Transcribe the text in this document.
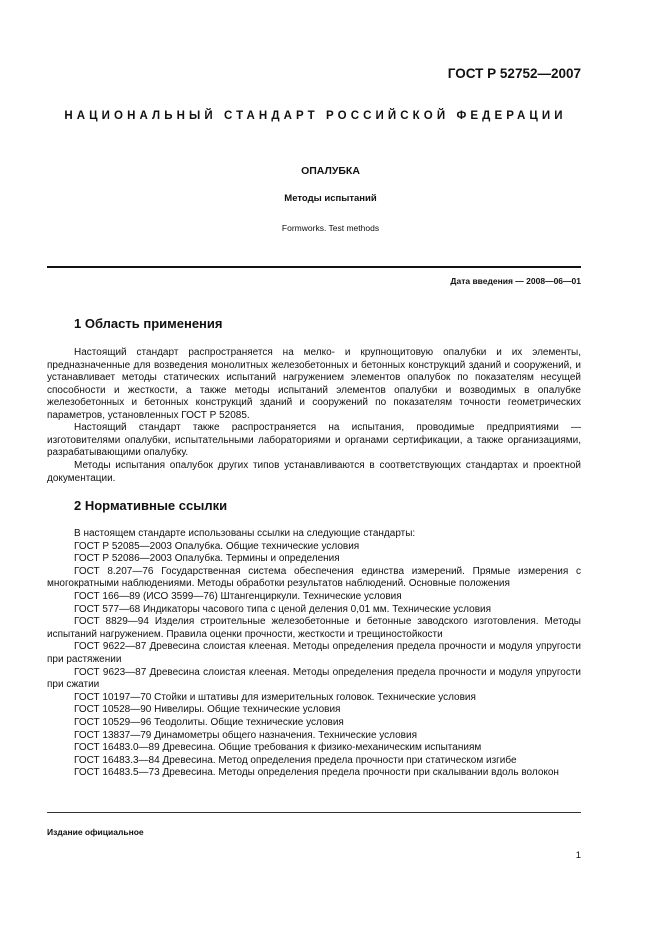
ГОСТ Р 52752—2007
НАЦИОНАЛЬНЫЙ СТАНДАРТ РОССИЙСКОЙ ФЕДЕРАЦИИ
ОПАЛУБКА
Методы испытаний
Formworks. Test methods
Дата введения — 2008—06—01
1 Область применения

Настоящий стандарт распространяется на мелко- и крупнощитовую опалубки и их элементы, предназначенные для возведения монолитных железобетонных и бетонных конструкций зданий и сооружений, и устанавливает методы статических испытаний нагружением элементов опалубок по показателям несущей способности и жесткости, а также методы испытаний элементов опалубки и возводимых в опалубке железобетонных и бетонных конструкций зданий и сооружений по показателям точности геометрических параметров, установленных ГОСТ Р 52085.

Настоящий стандарт также распространяется на испытания, проводимые предприятиями — изготовителями опалубки, испытательными лабораториями и органами сертификации, а также организациями, разрабатывающими опалубку.

Методы испытания опалубок других типов устанавливаются в соответствующих стандартах и проектной документации.

2 Нормативные ссылки

В настоящем стандарте использованы ссылки на следующие стандарты:

ГОСТ Р 52085—2003 Опалубка. Общие технические условия

ГОСТ Р 52086—2003 Опалубка. Термины и определения

ГОСТ 8.207—76 Государственная система обеспечения единства измерений. Прямые измерения с многократными наблюдениями. Методы обработки результатов наблюдений. Основные положения

ГОСТ 166—89 (ИСО 3599—76) Штангенциркули. Технические условия

ГОСТ 577—68 Индикаторы часового типа с ценой деления 0,01 мм. Технические условия

ГОСТ 8829—94 Изделия строительные железобетонные и бетонные заводского изготовления. Методы испытаний нагружением. Правила оценки прочности, жесткости и трещиностойкости

ГОСТ 9622—87 Древесина слоистая клееная. Методы определения предела прочности и модуля упругости при растяжении

ГОСТ 9623—87 Древесина слоистая клееная. Методы определения предела прочности и модуля упругости при сжатии

ГОСТ 10197—70 Стойки и штативы для измерительных головок. Технические условия

ГОСТ 10528—90 Нивелиры. Общие технические условия

ГОСТ 10529—96 Теодолиты. Общие технические условия

ГОСТ 13837—79 Динамометры общего назначения. Технические условия

ГОСТ 16483.0—89 Древесина. Общие требования к физико-механическим испытаниям

ГОСТ 16483.3—84 Древесина. Метод определения предела прочности при статическом изгибе

ГОСТ 16483.5—73 Древесина. Методы определения предела прочности при скалывании вдоль волокон

Издание официальное
1
